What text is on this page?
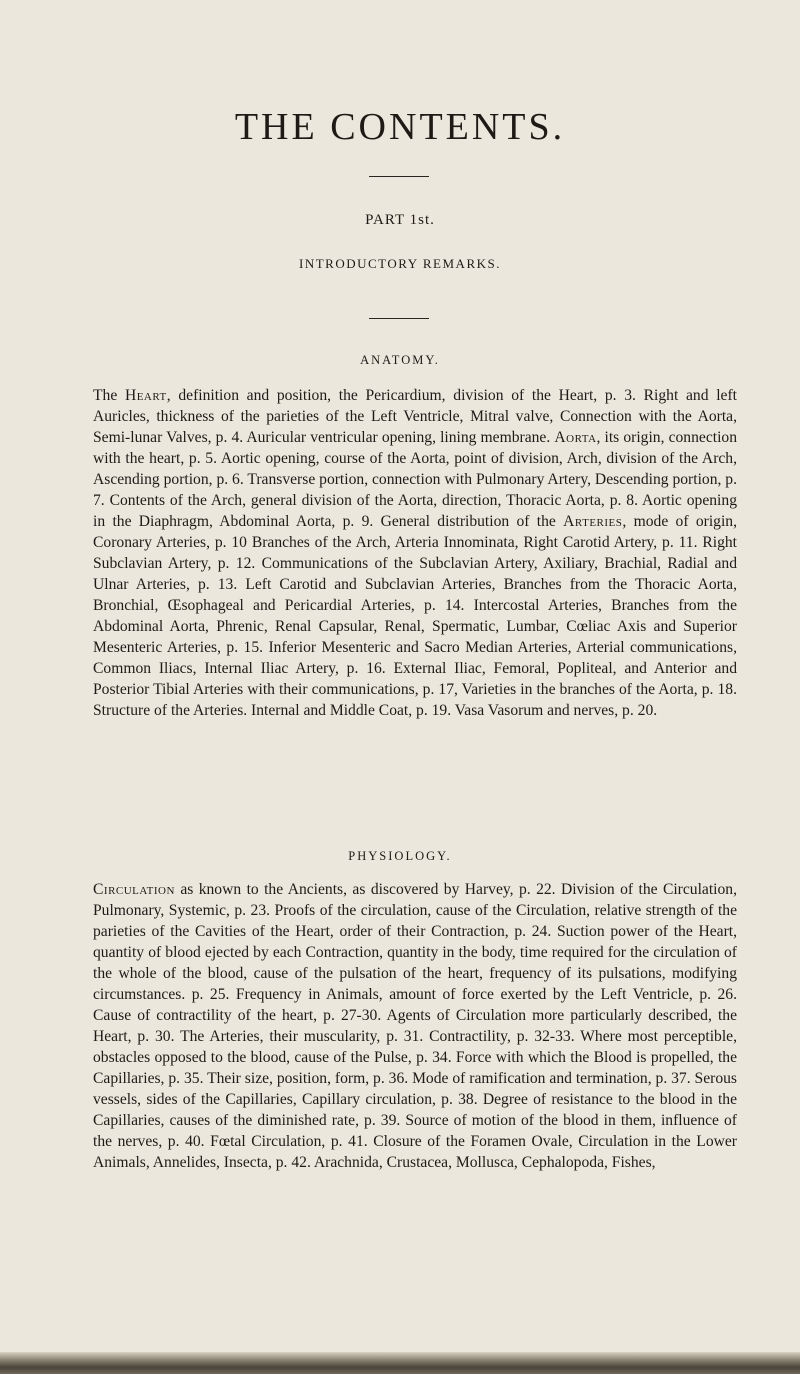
THE CONTENTS.
PART 1st.
INTRODUCTORY REMARKS.
ANATOMY.
The Heart, definition and position, the Pericardium, division of the Heart, p. 3. Right and left Auricles, thickness of the parieties of the Left Ventricle, Mitral valve, Connection with the Aorta, Semi-lunar Valves, p. 4. Auricular ventricular opening, lining membrane. Aorta, its origin, connection with the heart, p. 5. Aortic opening, course of the Aorta, point of division, Arch, division of the Arch, Ascending portion, p. 6. Transverse portion, connection with Pulmonary Artery, Descending portion, p. 7. Contents of the Arch, general division of the Aorta, direction, Thoracic Aorta, p. 8. Aortic opening in the Diaphragm, Abdominal Aorta, p. 9. General distribution of the Arteries, mode of origin, Coronary Arteries, p. 10 Branches of the Arch, Arteria Innominata, Right Carotid Artery, p. 11. Right Subclavian Artery, p. 12. Communications of the Subclavian Artery, Axiliary, Brachial, Radial and Ulnar Arteries, p. 13. Left Carotid and Subclavian Arteries, Branches from the Thoracic Aorta, Bronchial, Œsophageal and Pericardial Arteries, p. 14. Intercostal Arteries, Branches from the Abdominal Aorta, Phrenic, Renal Capsular, Renal, Spermatic, Lumbar, Cœliac Axis and Superior Mesenteric Arteries, p. 15. Inferior Mesenteric and Sacro Median Arteries, Arterial communications, Common Iliacs, Internal Iliac Artery, p. 16. External Iliac, Femoral, Popliteal, and Anterior and Posterior Tibial Arteries with their communications, p. 17, Varieties in the branches of the Aorta, p. 18. Structure of the Arteries. Internal and Middle Coat, p. 19. Vasa Vasorum and nerves, p. 20.
PHYSIOLOGY.
Circulation as known to the Ancients, as discovered by Harvey, p. 22. Division of the Circulation, Pulmonary, Systemic, p. 23. Proofs of the circulation, cause of the Circulation, relative strength of the parieties of the Cavities of the Heart, order of their Contraction, p. 24. Suction power of the Heart, quantity of blood ejected by each Contraction, quantity in the body, time required for the circulation of the whole of the blood, cause of the pulsation of the heart, frequency of its pulsations, modifying circumstances. p. 25. Frequency in Animals, amount of force exerted by the Left Ventricle, p. 26. Cause of contractility of the heart, p. 27-30. Agents of Circulation more particularly described, the Heart, p. 30. The Arteries, their muscularity, p. 31. Contractility, p. 32-33. Where most perceptible, obstacles opposed to the blood, cause of the Pulse, p. 34. Force with which the Blood is propelled, the Capillaries, p. 35. Their size, position, form, p. 36. Mode of ramification and termination, p. 37. Serous vessels, sides of the Capillaries, Capillary circulation, p. 38. Degree of resistance to the blood in the Capillaries, causes of the diminished rate, p. 39. Source of motion of the blood in them, influence of the nerves, p. 40. Fœtal Circulation, p. 41. Closure of the Foramen Ovale, Circulation in the Lower Animals, Annelides, Insecta, p. 42. Arachnida, Crustacea, Mollusca, Cephalopoda, Fishes,
